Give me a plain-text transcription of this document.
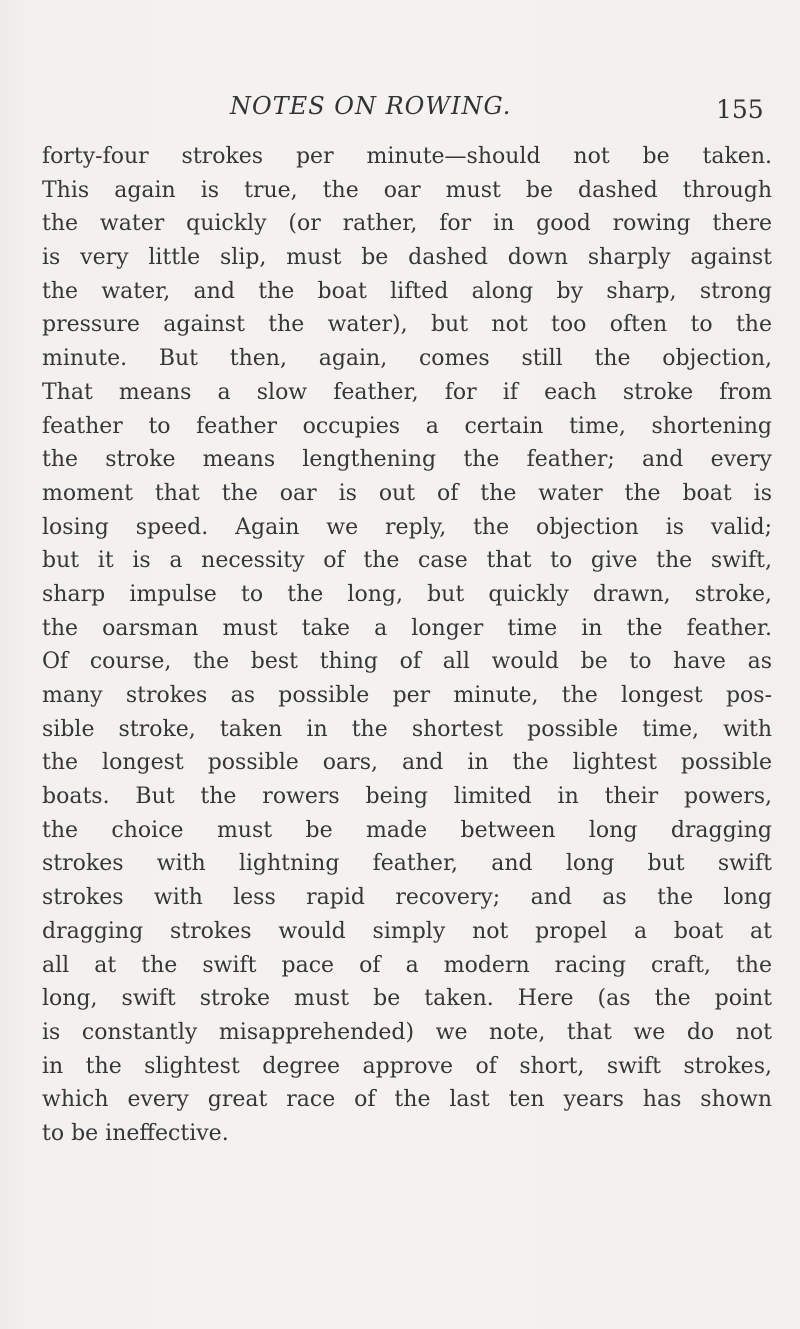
NOTES ON ROWING.	155
forty-four strokes per minute—should not be taken.
This again is true, the oar must be dashed through
the water quickly (or rather, for in good rowing there
is very little slip, must be dashed down sharply against
the water, and the boat lifted along by sharp, strong
pressure against the water), but not too often to the
minute. But then, again, comes still the objection,
That means a slow feather, for if each stroke from
feather to feather occupies a certain time, shortening
the stroke means lengthening the feather; and every
moment that the oar is out of the water the boat is
losing speed. Again we reply, the objection is valid;
but it is a necessity of the case that to give the swift,
sharp impulse to the long, but quickly drawn, stroke,
the oarsman must take a longer time in the feather.
Of course, the best thing of all would be to have as
many strokes as possible per minute, the longest pos-
sible stroke, taken in the shortest possible time, with
the longest possible oars, and in the lightest possible
boats. But the rowers being limited in their powers,
the choice must be made between long dragging
strokes with lightning feather, and long but swift
strokes with less rapid recovery; and as the long
dragging strokes would simply not propel a boat at
all at the swift pace of a modern racing craft, the
long, swift stroke must be taken. Here (as the point
is constantly misapprehended) we note, that we do not
in the slightest degree approve of short, swift strokes,
which every great race of the last ten years has shown
to be ineffective.
